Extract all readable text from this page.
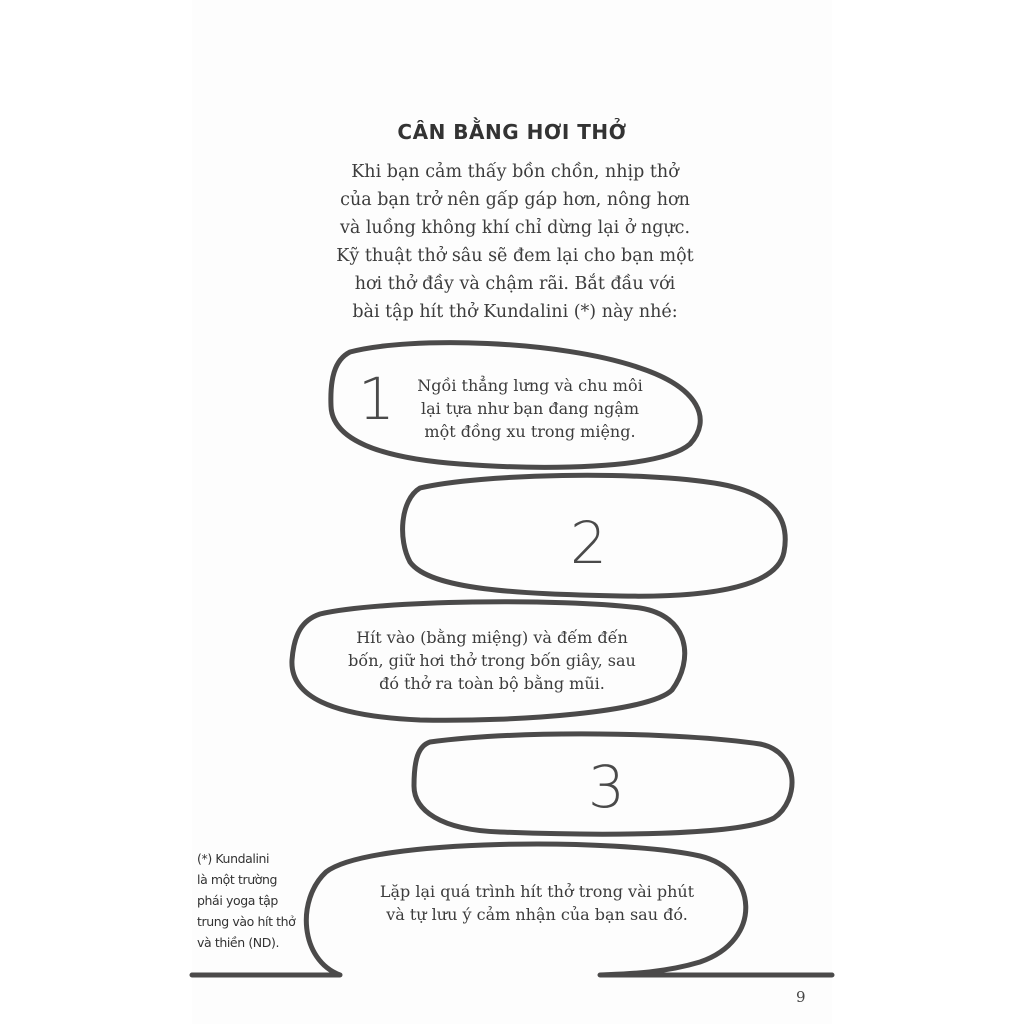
CÂN BẰNG HƠI THỞ
Khi bạn cảm thấy bồn chồn, nhịp thở
của bạn trở nên gấp gáp hơn, nông hơn
và luồng không khí chỉ dừng lại ở ngực.
Kỹ thuật thở sâu sẽ đem lại cho bạn một
hơi thở đầy và chậm rãi. Bắt đầu với
bài tập hít thở Kundalini (*) này nhé:
1	Ngồi thẳng lưng và chu môi
lại tựa như bạn đang ngậm
một đồng xu trong miệng.
2
Hít vào (bằng miệng) và đếm đến
bốn, giữ hơi thở trong bốn giây, sau
đó thở ra toàn bộ bằng mũi.
3
Lặp lại quá trình hít thở trong vài phút
và tự lưu ý cảm nhận của bạn sau đó.
(*) Kundalini
là một trường
phái yoga tập
trung vào hít thở
và thiền (ND).
9
